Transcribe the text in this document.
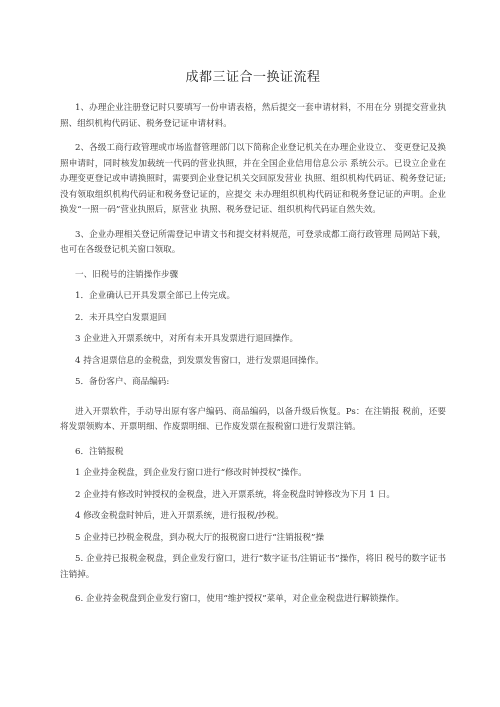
成都三证合一换证流程

1、办理企业注册登记时只要填写一份申请表格，然后提交一套申请材料，不用在分 别提交营业执照、组织机构代码证、税务登记证申请材料。

2、各级工商行政管理或市场监督管理部门以下简称企业登记机关在办理企业设立、 变更登记及换照申请时，同时核发加载统一代码的营业执照，并在全国企业信用信息公示 系统公示。已设立企业在办理变更登记或申请换照时，需要到企业登记机关交回原发营业 执照、组织机构代码证、税务登记证;没有领取组织机构代码证和税务登记证的，应提交 未办理组织机构代码证和税务登记证的声明。企业换发“一照一码”营业执照后，原营业 执照、税务登记证、组织机构代码证自然失效。

3、企业办理相关登记所需登记申请文书和提交材料规范，可登录成都工商行政管理 局网站下载，也可在各级登记机关窗口领取。

一、旧税号的注销操作步骤

1．企业确认已开具发票全部已上传完成。

2．未开具空白发票退回

3 企业进入开票系统中，对所有未开具发票进行退回操作。

4 持含退票信息的金税盘，到发票发售窗口，进行发票退回操作。

5．备份客户、商品编码:

进入开票软件，手动导出原有客户编码、商品编码，以备升级后恢复。Ps：在注销报 税前，还要将发票领购本、开票明细、作废票明细、已作废发票在报税窗口进行发票注销。

6．注销报税

1 企业持金税盘，到企业发行窗口进行“修改时钟授权”操作。

2 企业持有修改时钟授权的金税盘，进入开票系统，将金税盘时钟修改为下月 1 日。

4 修改金税盘时钟后，进入开票系统，进行报税/抄税。

5 企业持已抄税金税盘，到办税大厅的报税窗口进行“注销报税”操

5. 企业持已报税金税盘，到企业发行窗口，进行“数字证书/注销证书”操作，将旧 税号的数字证书注销掉。

6. 企业持金税盘到企业发行窗口，使用“维护授权”菜单，对企业金税盘进行解锁操作。
